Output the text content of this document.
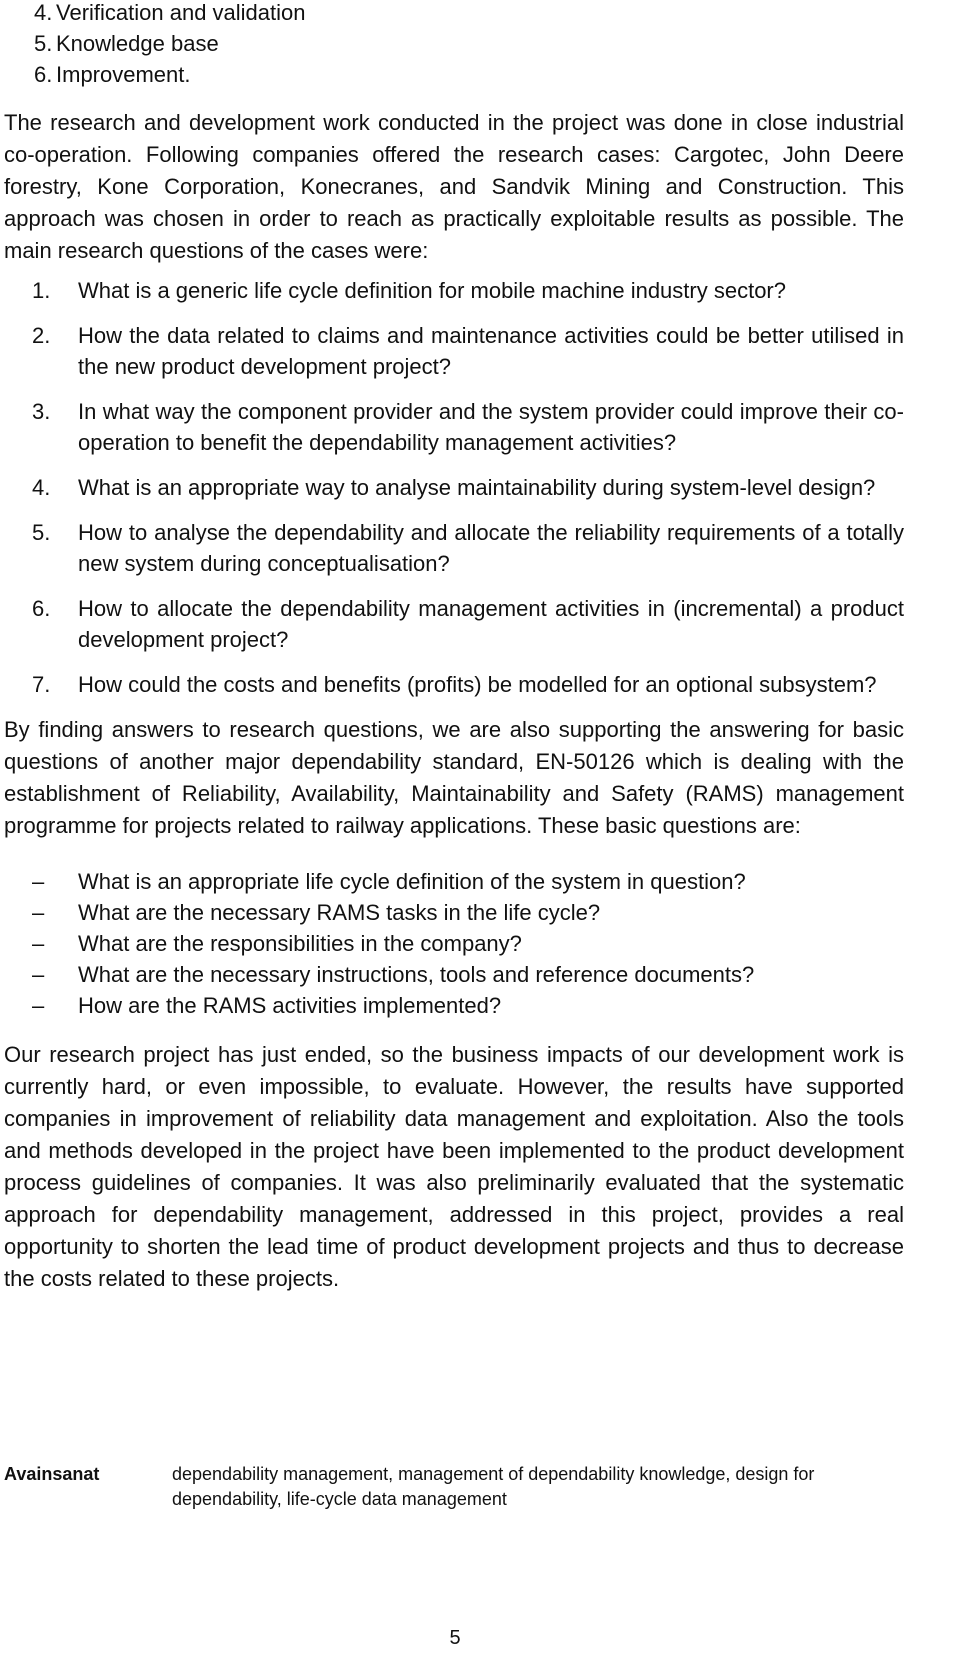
4. Verification and validation
5. Knowledge base
6. Improvement.

The research and development work conducted in the project was done in close industrial co-operation. Following companies offered the research cases: Cargotec, John Deere forestry, Kone Corporation, Konecranes, and Sandvik Mining and Construction. This approach was chosen in order to reach as practically exploitable results as possible. The main research questions of the cases were:

1.	What is a generic life cycle definition for mobile machine industry sector?
2.	How the data related to claims and maintenance activities could be better utilised in the new product development project?
3.	In what way the component provider and the system provider could improve their co-operation to benefit the dependability management activities?
4.	What is an appropriate way to analyse maintainability during system-level design?
5.	How to analyse the dependability and allocate the reliability requirements of a totally new system during conceptualisation?
6.	How to allocate the dependability management activities in (incremental) a product development project?
7.	How could the costs and benefits (profits) be modelled for an optional subsystem?

By finding answers to research questions, we are also supporting the answering for basic questions of another major dependability standard, EN-50126 which is dealing with the establishment of Reliability, Availability, Maintainability and Safety (RAMS) management programme for projects related to railway applications. These basic questions are:

–	What is an appropriate life cycle definition of the system in question?
–	What are the necessary RAMS tasks in the life cycle?
–	What are the responsibilities in the company?
–	What are the necessary instructions, tools and reference documents?
–	How are the RAMS activities implemented?

Our research project has just ended, so the business impacts of our development work is currently hard, or even impossible, to evaluate. However, the results have supported companies in improvement of reliability data management and exploitation. Also the tools and methods developed in the project have been implemented to the product development process guidelines of companies. It was also preliminarily evaluated that the systematic approach for dependability management, addressed in this project, provides a real opportunity to shorten the lead time of product development projects and thus to decrease the costs related to these projects.

Avainsanat	dependability management, management of dependability knowledge, design for dependability, life-cycle data management
5
